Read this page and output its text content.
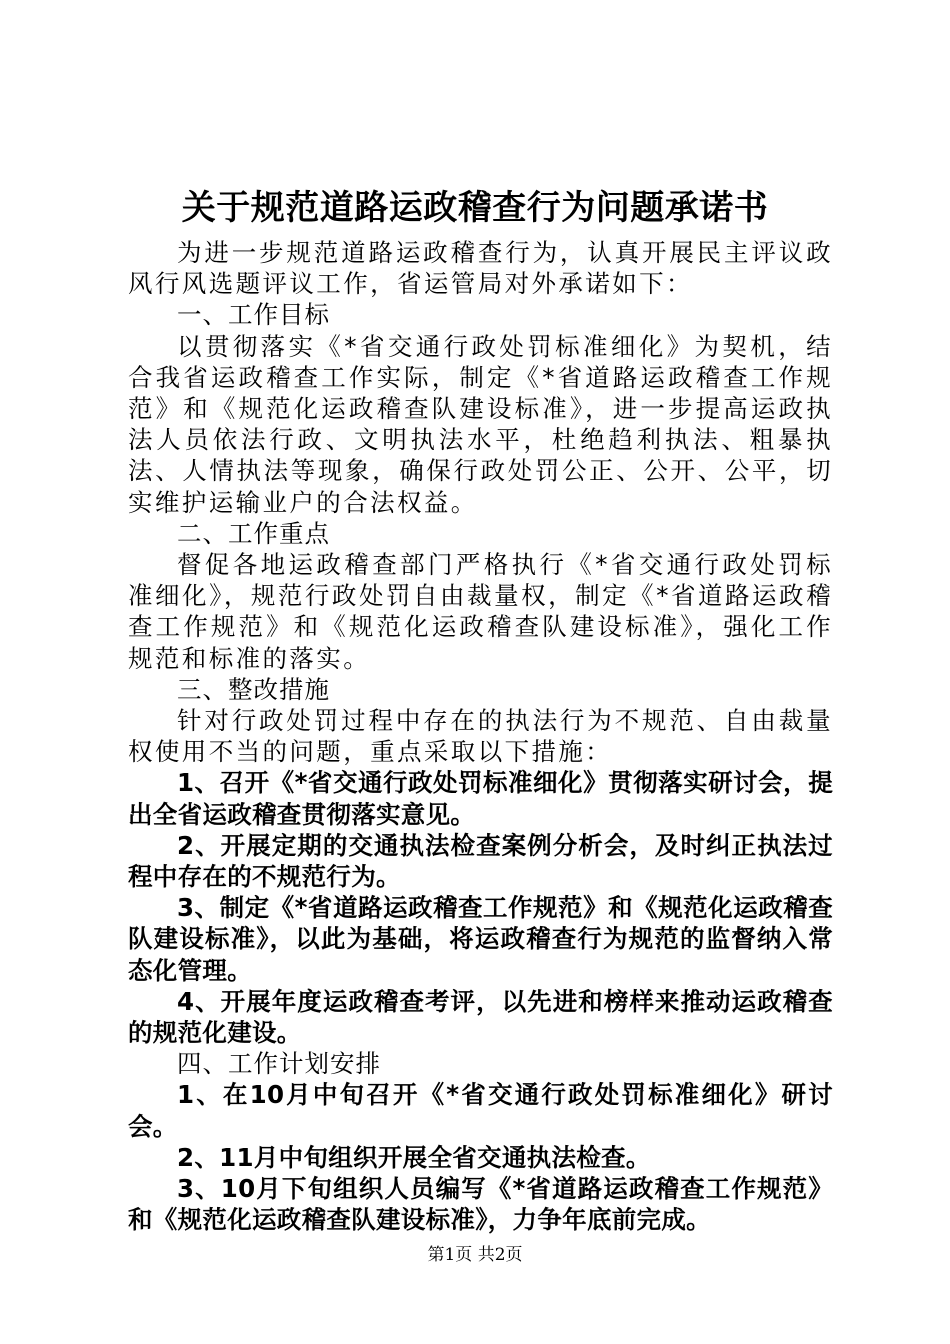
关于规范道路运政稽查行为问题承诺书

为进一步规范道路运政稽查行为，认真开展民主评议政风行风选题评议工作，省运管局对外承诺如下：

一、工作目标

以贯彻落实《*省交通行政处罚标准细化》为契机，结合我省运政稽查工作实际，制定《*省道路运政稽查工作规范》和《规范化运政稽查队建设标准》，进一步提高运政执法人员依法行政、文明执法水平，杜绝趋利执法、粗暴执法、人情执法等现象，确保行政处罚公正、公开、公平，切实维护运输业户的合法权益。

二、工作重点

督促各地运政稽查部门严格执行《*省交通行政处罚标准细化》，规范行政处罚自由裁量权，制定《*省道路运政稽查工作规范》和《规范化运政稽查队建设标准》，强化工作规范和标准的落实。

三、整改措施

针对行政处罚过程中存在的执法行为不规范、自由裁量权使用不当的问题，重点采取以下措施：

1、召开《*省交通行政处罚标准细化》贯彻落实研讨会，提出全省运政稽查贯彻落实意见。

2、开展定期的交通执法检查案例分析会，及时纠正执法过程中存在的不规范行为。

3、制定《*省道路运政稽查工作规范》和《规范化运政稽查队建设标准》，以此为基础，将运政稽查行为规范的监督纳入常态化管理。

4、开展年度运政稽查考评，以先进和榜样来推动运政稽查的规范化建设。

四、工作计划安排

1、在10月中旬召开《*省交通行政处罚标准细化》研讨会。

2、11月中旬组织开展全省交通执法检查。

3、10月下旬组织人员编写《*省道路运政稽查工作规范》和《规范化运政稽查队建设标准》，力争年底前完成。

第1页 共2页
